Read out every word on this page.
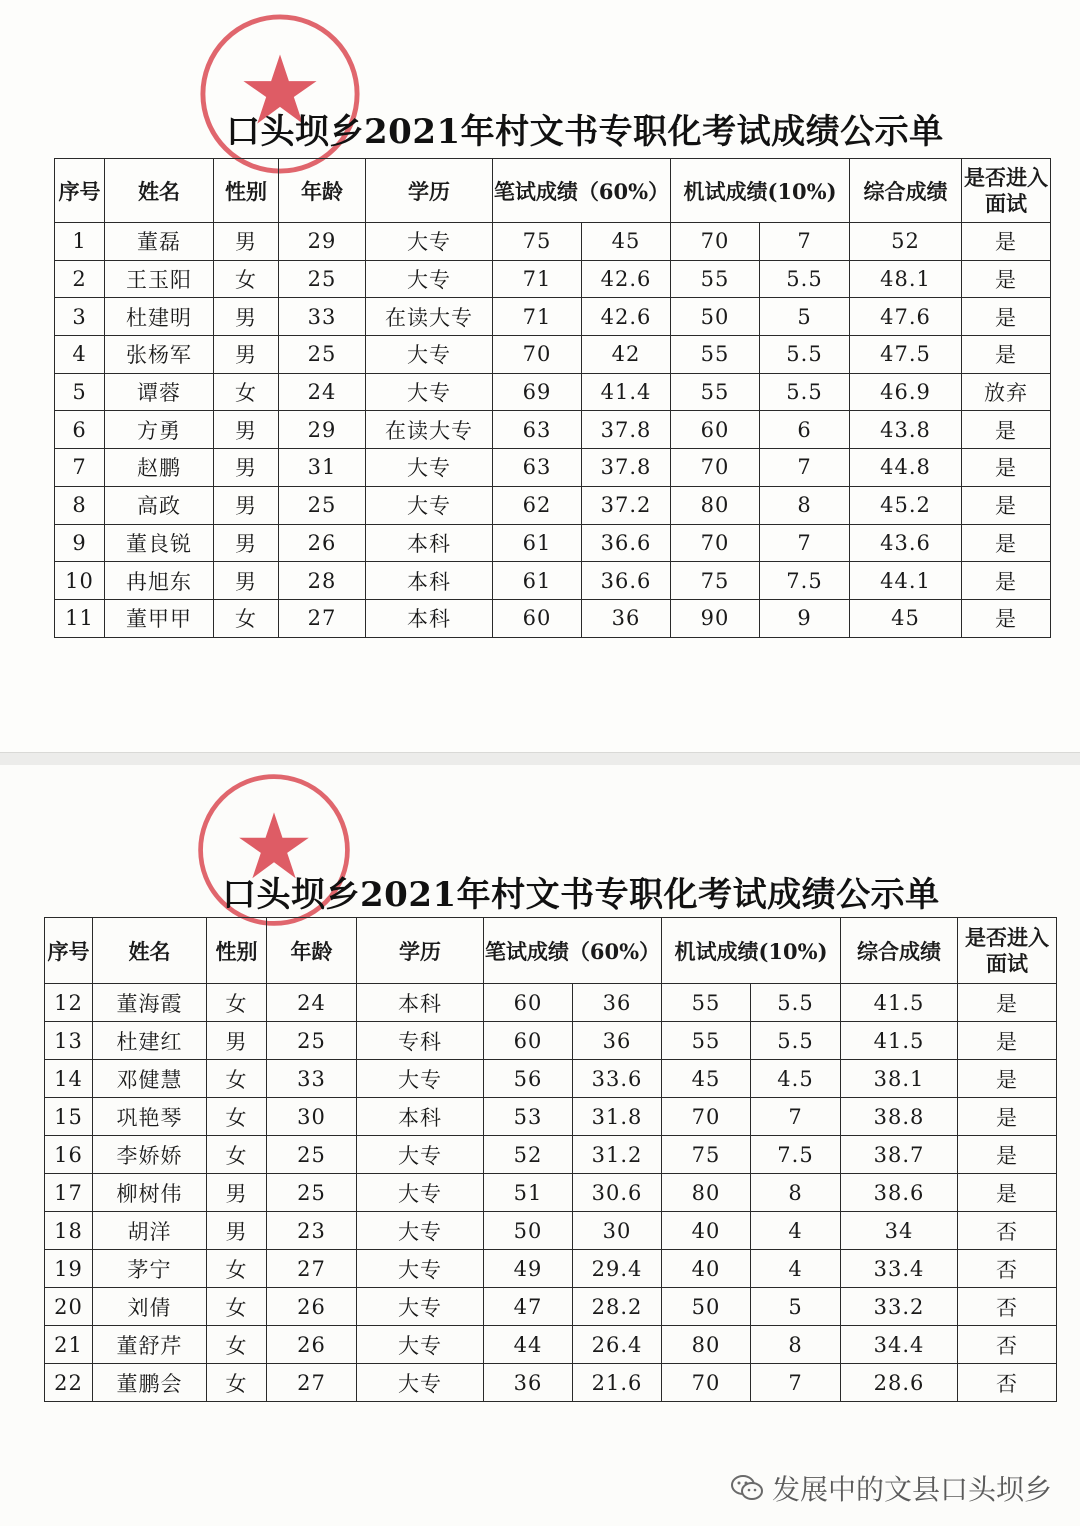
口头坝乡2021年村文书专职化考试成绩公示单
序号	姓名	性别	年龄	学历	笔试成绩（60%）		机试成绩(10%)		综合成绩	是否进入面试
1	董磊	男	29	大专	75	45	70	7	52	是
2	王玉阳	女	25	大专	71	42.6	55	5.5	48.1	是
3	杜建明	男	33	在读大专	71	42.6	50	5	47.6	是
4	张杨军	男	25	大专	70	42	55	5.5	47.5	是
5	谭蓉	女	24	大专	69	41.4	55	5.5	46.9	放弃
6	方勇	男	29	在读大专	63	37.8	60	6	43.8	是
7	赵鹏	男	31	大专	63	37.8	70	7	44.8	是
8	高政	男	25	大专	62	37.2	80	8	45.2	是
9	董良锐	男	26	本科	61	36.6	70	7	43.6	是
10	冉旭东	男	28	本科	61	36.6	75	7.5	44.1	是
11	董甲甲	女	27	本科	60	36	90	9	45	是
口头坝乡2021年村文书专职化考试成绩公示单
序号	姓名	性别	年龄	学历	笔试成绩（60%）		机试成绩(10%)		综合成绩	是否进入面试
12	董海霞	女	24	本科	60	36	55	5.5	41.5	是
13	杜建红	男	25	专科	60	36	55	5.5	41.5	是
14	邓健慧	女	33	大专	56	33.6	45	4.5	38.1	是
15	巩艳琴	女	30	本科	53	31.8	70	7	38.8	是
16	李娇娇	女	25	大专	52	31.2	75	7.5	38.7	是
17	柳树伟	男	25	大专	51	30.6	80	8	38.6	是
18	胡洋	男	23	大专	50	30	40	4	34	否
19	茅宁	女	27	大专	49	29.4	40	4	33.4	否
20	刘倩	女	26	大专	47	28.2	50	5	33.2	否
21	董舒芹	女	26	大专	44	26.4	80	8	34.4	否
22	董鹏会	女	27	大专	36	21.6	70	7	28.6	否
发展中的文县口头坝乡
